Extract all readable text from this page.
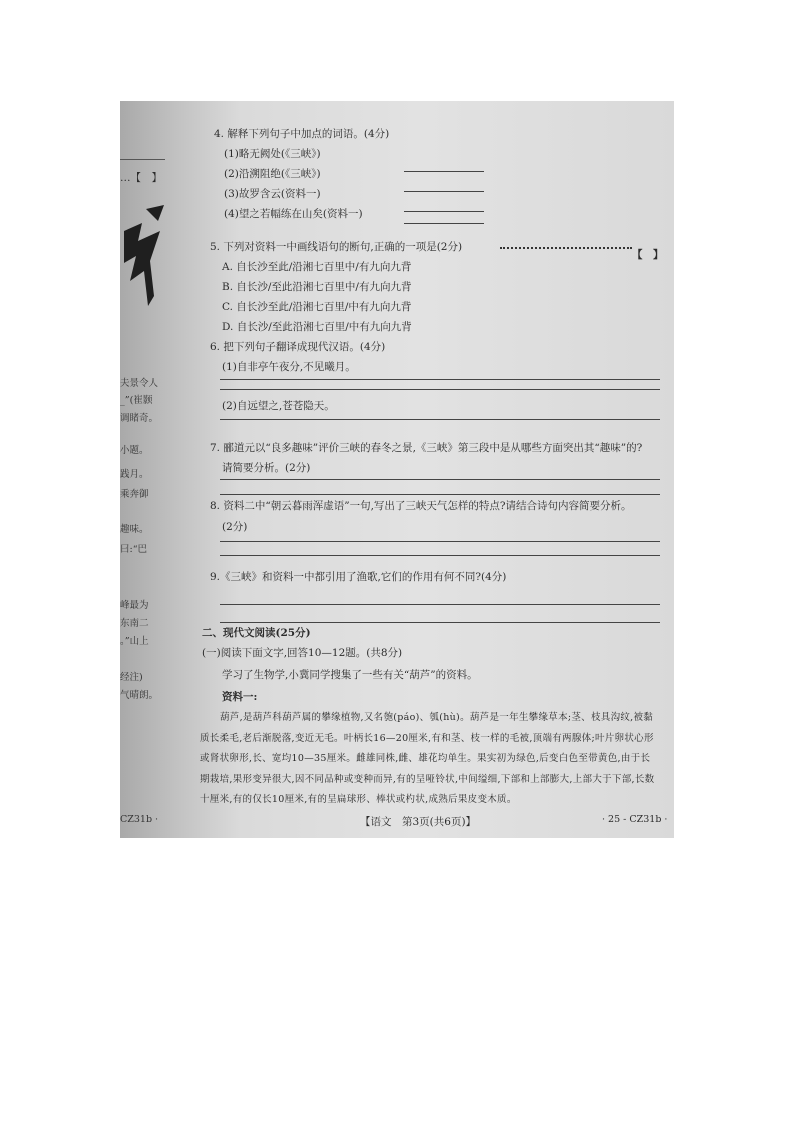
…【　】
夫景令人
_”(崔颢
调睹奇。
小题。
践月。
乘奔御
趣味。
曰:“巴
峰最为
东南二
。”山上
经注)
气晴朗。
CZ31b ·
4. 解释下列句子中加点的词语。(4分)
(1)略无阙处(《三峡》)
(2)沿溯阻绝(《三峡》)
(3)故罗含云(资料一)
(4)望之若幅练在山矣(资料一)
5. 下列对资料一中画线语句的断句,正确的一项是(2分)
【　】
A. 自长沙至此/沿湘七百里中/有九向九背
B. 自长沙/至此沿湘七百里中/有九向九背
C. 自长沙至此/沿湘七百里/中有九向九背
D. 自长沙/至此沿湘七百里/中有九向九背
6. 把下列句子翻译成现代汉语。(4分)
(1)自非亭午夜分,不见曦月。
(2)自远望之,苍苍隐天。
7. 郦道元以“良多趣味”评价三峡的春冬之景,《三峡》第三段中是从哪些方面突出其“趣味”的?
请简要分析。(2分)
8. 资料二中“朝云暮雨浑虚语”一句,写出了三峡天气怎样的特点?请结合诗句内容简要分析。
(2分)
9.《三峡》和资料一中都引用了渔歌,它们的作用有何不同?(4分)
二、现代文阅读(25分)
(一)阅读下面文字,回答10—12题。(共8分)
学习了生物学,小冀同学搜集了一些有关“葫芦”的资料。
资料一:
葫芦,是葫芦科葫芦属的攀缘植物,又名匏(páo)、瓠(hù)。葫芦是一年生攀缘草本;茎、枝具沟纹,被黏质长柔毛,老后渐脱落,变近无毛。叶柄长16—20厘米,有和茎、枝一样的毛被,顶端有两腺体;叶片卵状心形或肾状卵形,长、宽均10—35厘米。雌雄同株,雌、雄花均单生。果实初为绿色,后变白色至带黄色,由于长期栽培,果形变异很大,因不同品种或变种而异,有的呈哑铃状,中间缢细,下部和上部膨大,上部大于下部,长数十厘米,有的仅长10厘米,有的呈扁球形、棒状或杓状,成熟后果皮变木质。
【语文　第3页(共6页)】	· 25 - CZ31b ·
